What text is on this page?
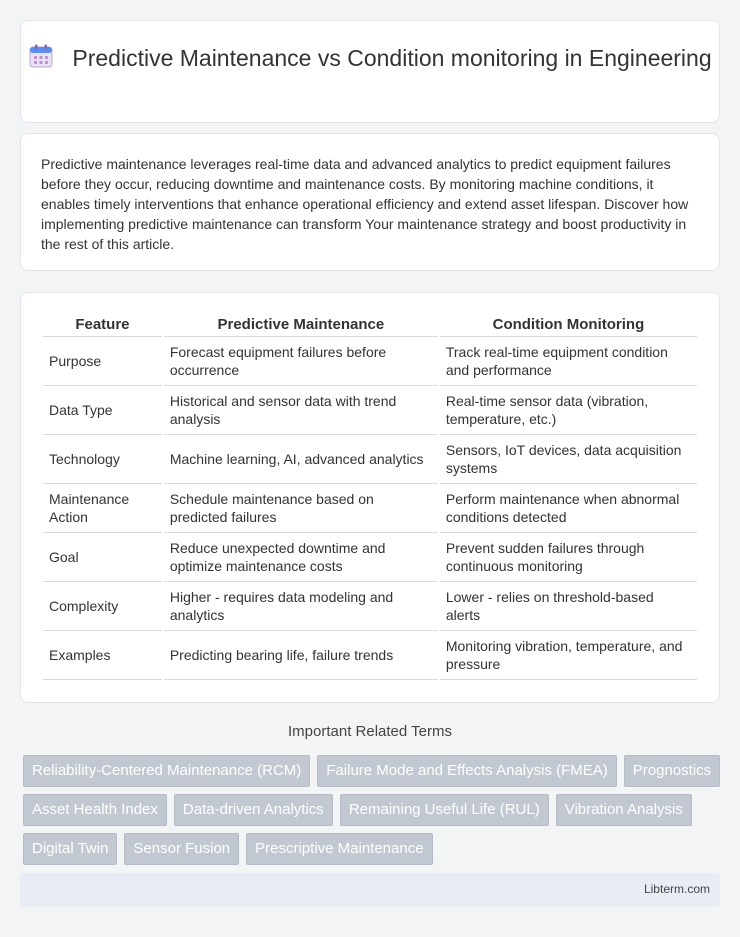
Predictive Maintenance vs Condition monitoring in Engineering

Predictive maintenance leverages real-time data and advanced analytics to predict equipment failures before they occur, reducing downtime and maintenance costs. By monitoring machine conditions, it enables timely interventions that enhance operational efficiency and extend asset lifespan. Discover how implementing predictive maintenance can transform Your maintenance strategy and boost productivity in the rest of this article.

Feature	Predictive Maintenance	Condition Monitoring
Purpose	Forecast equipment failures before occurrence	Track real-time equipment condition and performance
Data Type	Historical and sensor data with trend analysis	Real-time sensor data (vibration, temperature, etc.)
Technology	Machine learning, AI, advanced analytics	Sensors, IoT devices, data acquisition systems
Maintenance Action	Schedule maintenance based on predicted failures	Perform maintenance when abnormal conditions detected
Goal	Reduce unexpected downtime and optimize maintenance costs	Prevent sudden failures through continuous monitoring
Complexity	Higher - requires data modeling and analytics	Lower - relies on threshold-based alerts
Examples	Predicting bearing life, failure trends	Monitoring vibration, temperature, and pressure
Important Related Terms
Reliability-Centered Maintenance (RCM)	Failure Mode and Effects Analysis (FMEA)	Prognostics
Asset Health Index	Data-driven Analytics	Remaining Useful Life (RUL)	Vibration Analysis
Digital Twin	Sensor Fusion	Prescriptive Maintenance
Libterm.com
